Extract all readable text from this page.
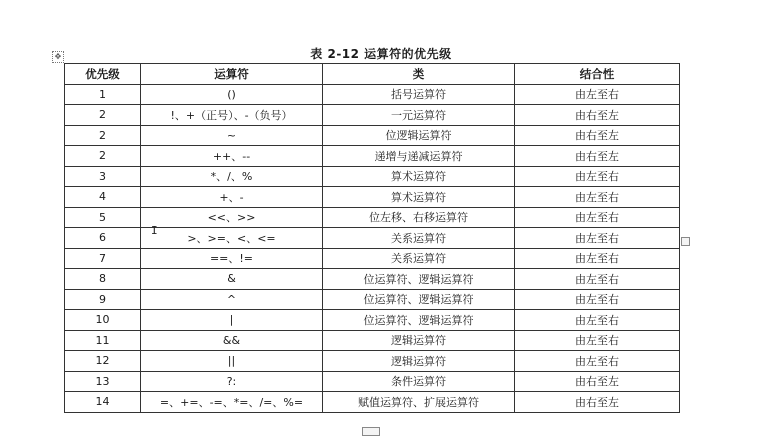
表 2-12 运算符的优先级
✥
优先级	运算符	类	结合性
1	()	括号运算符	由左至右
2	!、+（正号）、-（负号）	一元运算符	由右至左
2	~	位逻辑运算符	由右至左
2	++、--	递增与递减运算符	由右至左
3	*、/、%	算术运算符	由左至右
4	+、-	算术运算符	由左至右
5	<<、>>	位左移、右移运算符	由左至右
6	>、>=、<、<=	关系运算符	由左至右
7	==、!=	关系运算符	由左至右
8	&	位运算符、逻辑运算符	由左至右
9	^	位运算符、逻辑运算符	由左至右
10	|	位运算符、逻辑运算符	由左至右
11	&&	逻辑运算符	由左至右
12	||	逻辑运算符	由左至右
13	?:	条件运算符	由右至左
14	=、+=、-=、*=、/=、%=	赋值运算符、扩展运算符	由右至左
I
